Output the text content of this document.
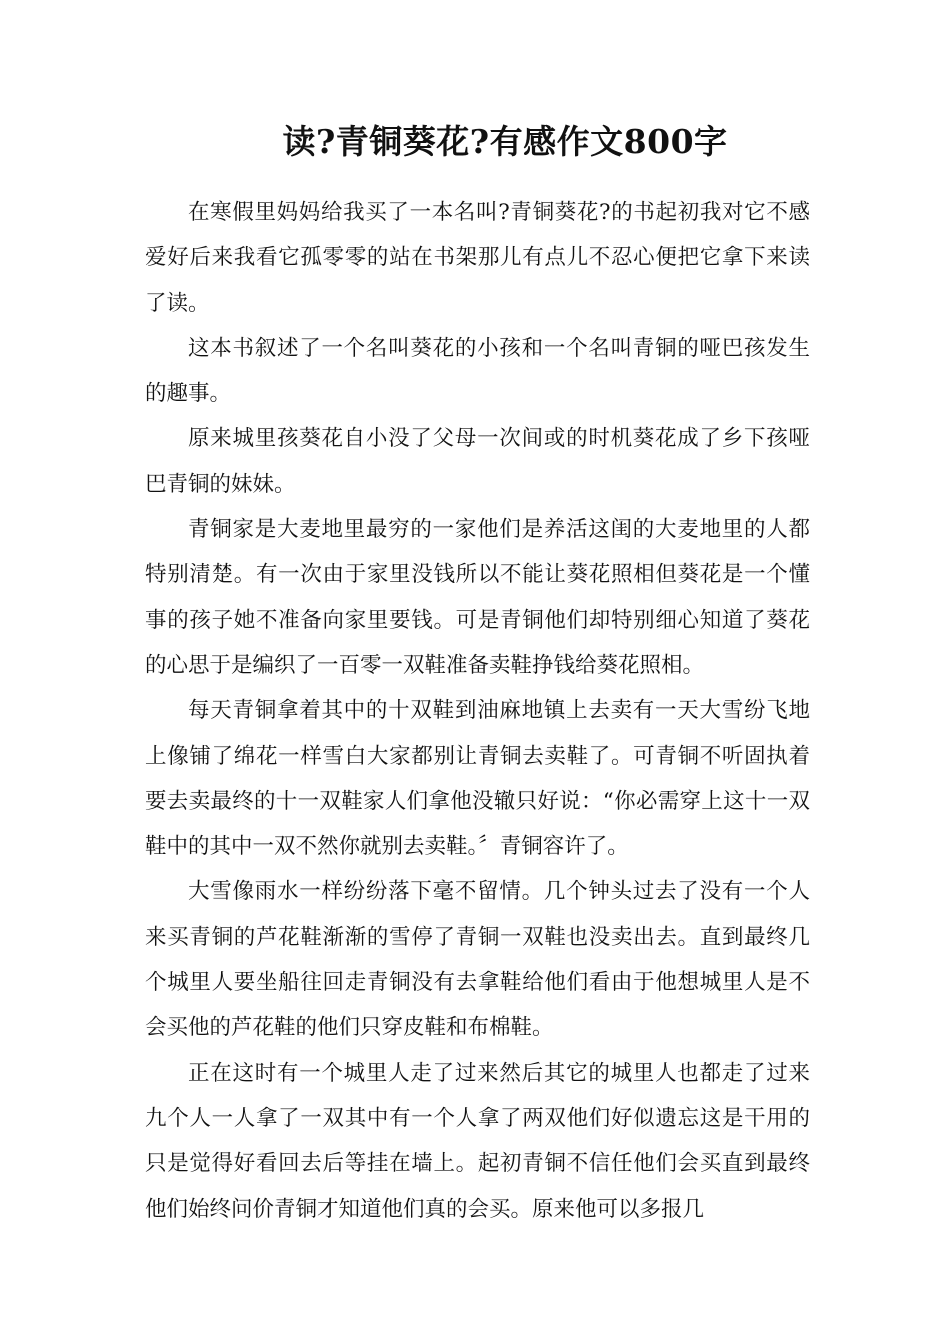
读?青铜葵花?有感作文800字

在寒假里妈妈给我买了一本名叫?青铜葵花?的书起初我对它不感爱好后来我看它孤零零的站在书架那儿有点儿不忍心便把它拿下来读了读。

这本书叙述了一个名叫葵花的小孩和一个名叫青铜的哑巴孩发生的趣事。

原来城里孩葵花自小没了父母一次间或的时机葵花成了乡下孩哑巴青铜的妹妹。

青铜家是大麦地里最穷的一家他们是养活这闺的大麦地里的人都特别清楚。有一次由于家里没钱所以不能让葵花照相但葵花是一个懂事的孩子她不准备向家里要钱。可是青铜他们却特别细心知道了葵花的心思于是编织了一百零一双鞋准备卖鞋挣钱给葵花照相。

每天青铜拿着其中的十双鞋到油麻地镇上去卖有一天大雪纷飞地上像铺了绵花一样雪白大家都别让青铜去卖鞋了。可青铜不听固执着要去卖最终的十一双鞋家人们拿他没辙只好说：“你必需穿上这十一双鞋中的其中一双不然你就别去卖鞋。〞青铜容许了。

大雪像雨水一样纷纷落下毫不留情。几个钟头过去了没有一个人来买青铜的芦花鞋渐渐的雪停了青铜一双鞋也没卖出去。直到最终几个城里人要坐船往回走青铜没有去拿鞋给他们看由于他想城里人是不会买他的芦花鞋的他们只穿皮鞋和布棉鞋。

正在这时有一个城里人走了过来然后其它的城里人也都走了过来九个人一人拿了一双其中有一个人拿了两双他们好似遗忘这是干用的只是觉得好看回去后等挂在墙上。起初青铜不信任他们会买直到最终他们始终问价青铜才知道他们真的会买。原来他可以多报几
